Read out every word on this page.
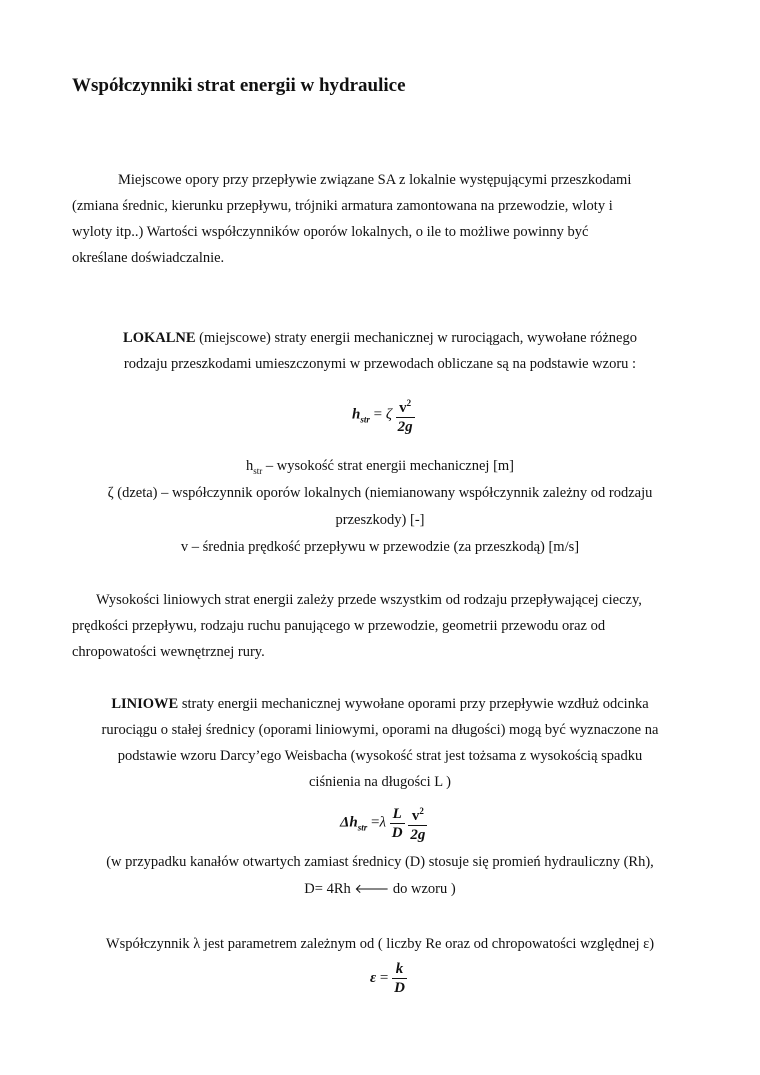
Współczynniki strat energii w hydraulice

Miejscowe opory przy przepływie związane SA z lokalnie występującymi przeszkodami

(zmiana średnic, kierunku przepływu, trójniki armatura zamontowana na przewodzie, wloty i

wyloty itp..) Wartości współczynników oporów lokalnych, o ile to możliwe powinny być

określane doświadczalnie.

LOKALNE (miejscowe) straty energii mechanicznej w rurociągach, wywołane różnego

rodzaju przeszkodami umieszczonymi w przewodach obliczane są na podstawie wzoru :

$h_{str} = \zeta \frac{v^2}{2g}$

$h_{str}$ – wysokość strat energii mechanicznej [m]

ζ (dzeta) – współczynnik oporów lokalnych (niemianowany współczynnik zależny od rodzaju

przeszkody) [-]

v – średnia prędkość przepływu w przewodzie (za przeszkodą) [m/s]

Wysokości liniowych strat energii zależy przede wszystkim od rodzaju przepływającej cieczy,

prędkości przepływu, rodzaju ruchu panującego w przewodzie, geometrii przewodu oraz od

chropowatości wewnętrznej rury.

LINIOWE straty energii mechanicznej wywołane oporami przy przepływie wzdłuż odcinka

rurociągu o stałej średnicy (oporami liniowymi, oporami na długości) mogą być wyznaczone na

podstawie wzoru Darcy’ego Weisbacha (wysokość strat jest tożsama z wysokością spadku

ciśnienia na długości L )

$\Delta h_{str} =\lambda \frac{L}{D}$
$\frac{v^2}{2g}$

(w przypadku kanałów otwartych zamiast średnicy (D) stosuje się promień hydrauliczny (Rh),

D= 4Rh 🡐 do wzoru )

Współczynnik λ jest parametrem zależnym od ( liczby Re oraz od chropowatości względnej ε)

$\varepsilon = \frac{k}{D}$
